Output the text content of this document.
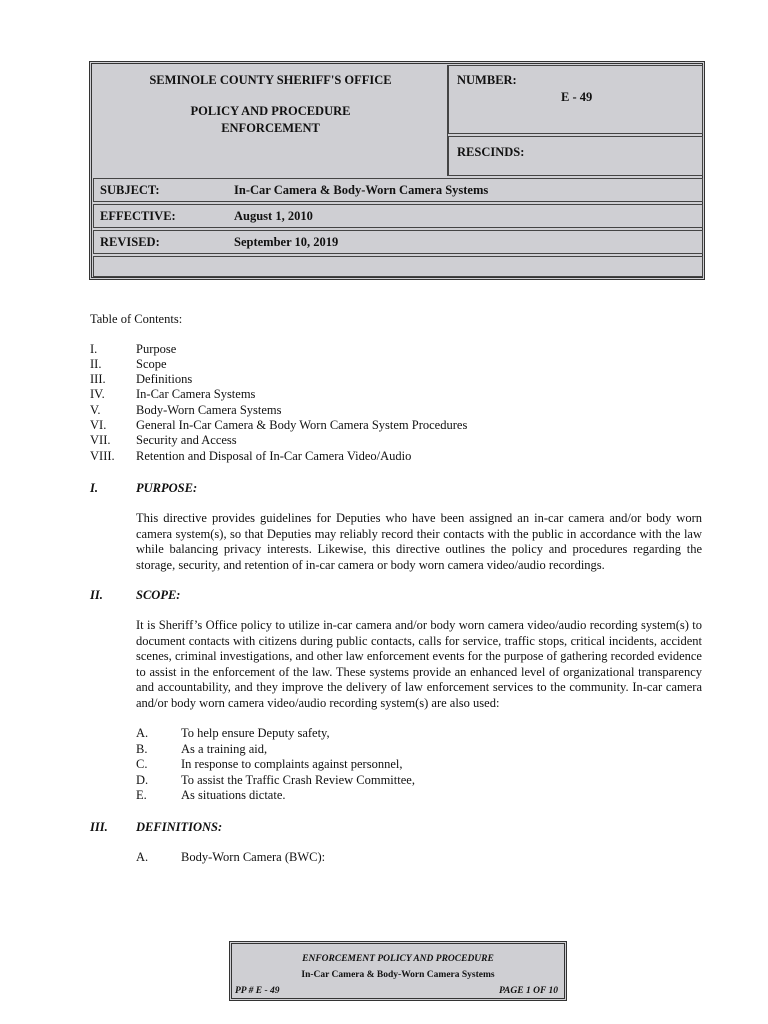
SEMINOLE COUNTY SHERIFF'S OFFICE
POLICY AND PROCEDURE
ENFORCEMENT
NUMBER:
E - 49
RESCINDS:
SUBJECT:	In-Car Camera & Body-Worn Camera Systems
EFFECTIVE:	August 1, 2010
REVISED:	September 10, 2019
Table of Contents:
I.	Purpose
II.	Scope
III.	Definitions
IV.	In-Car Camera Systems
V.	Body-Worn Camera Systems
VI.	General In-Car Camera & Body Worn Camera System Procedures
VII.	Security and Access
VIII.	Retention and Disposal of In-Car Camera Video/Audio
I.	PURPOSE:
This directive provides guidelines for Deputies who have been assigned an in-car camera and/or body worn camera system(s), so that Deputies may reliably record their contacts with the public in accordance with the law while balancing privacy interests. Likewise, this directive outlines the policy and procedures regarding the storage, security, and retention of in-car camera or body worn camera video/audio recordings.
II.	SCOPE:
It is Sheriff’s Office policy to utilize in-car camera and/or body worn camera video/audio recording system(s) to document contacts with citizens during public contacts, calls for service, traffic stops, critical incidents, accident scenes, criminal investigations, and other law enforcement events for the purpose of gathering recorded evidence to assist in the enforcement of the law. These systems provide an enhanced level of organizational transparency and accountability, and they improve the delivery of law enforcement services to the community. In-car camera and/or body worn camera video/audio recording system(s) are also used:
A.	To help ensure Deputy safety,
B.	As a training aid,
C.	In response to complaints against personnel,
D.	To assist the Traffic Crash Review Committee,
E.	As situations dictate.
III.	DEFINITIONS:
A.	Body-Worn Camera (BWC):
ENFORCEMENT POLICY AND PROCEDURE
In-Car Camera & Body-Worn Camera Systems
PP # E - 49	PAGE 1 OF 10
